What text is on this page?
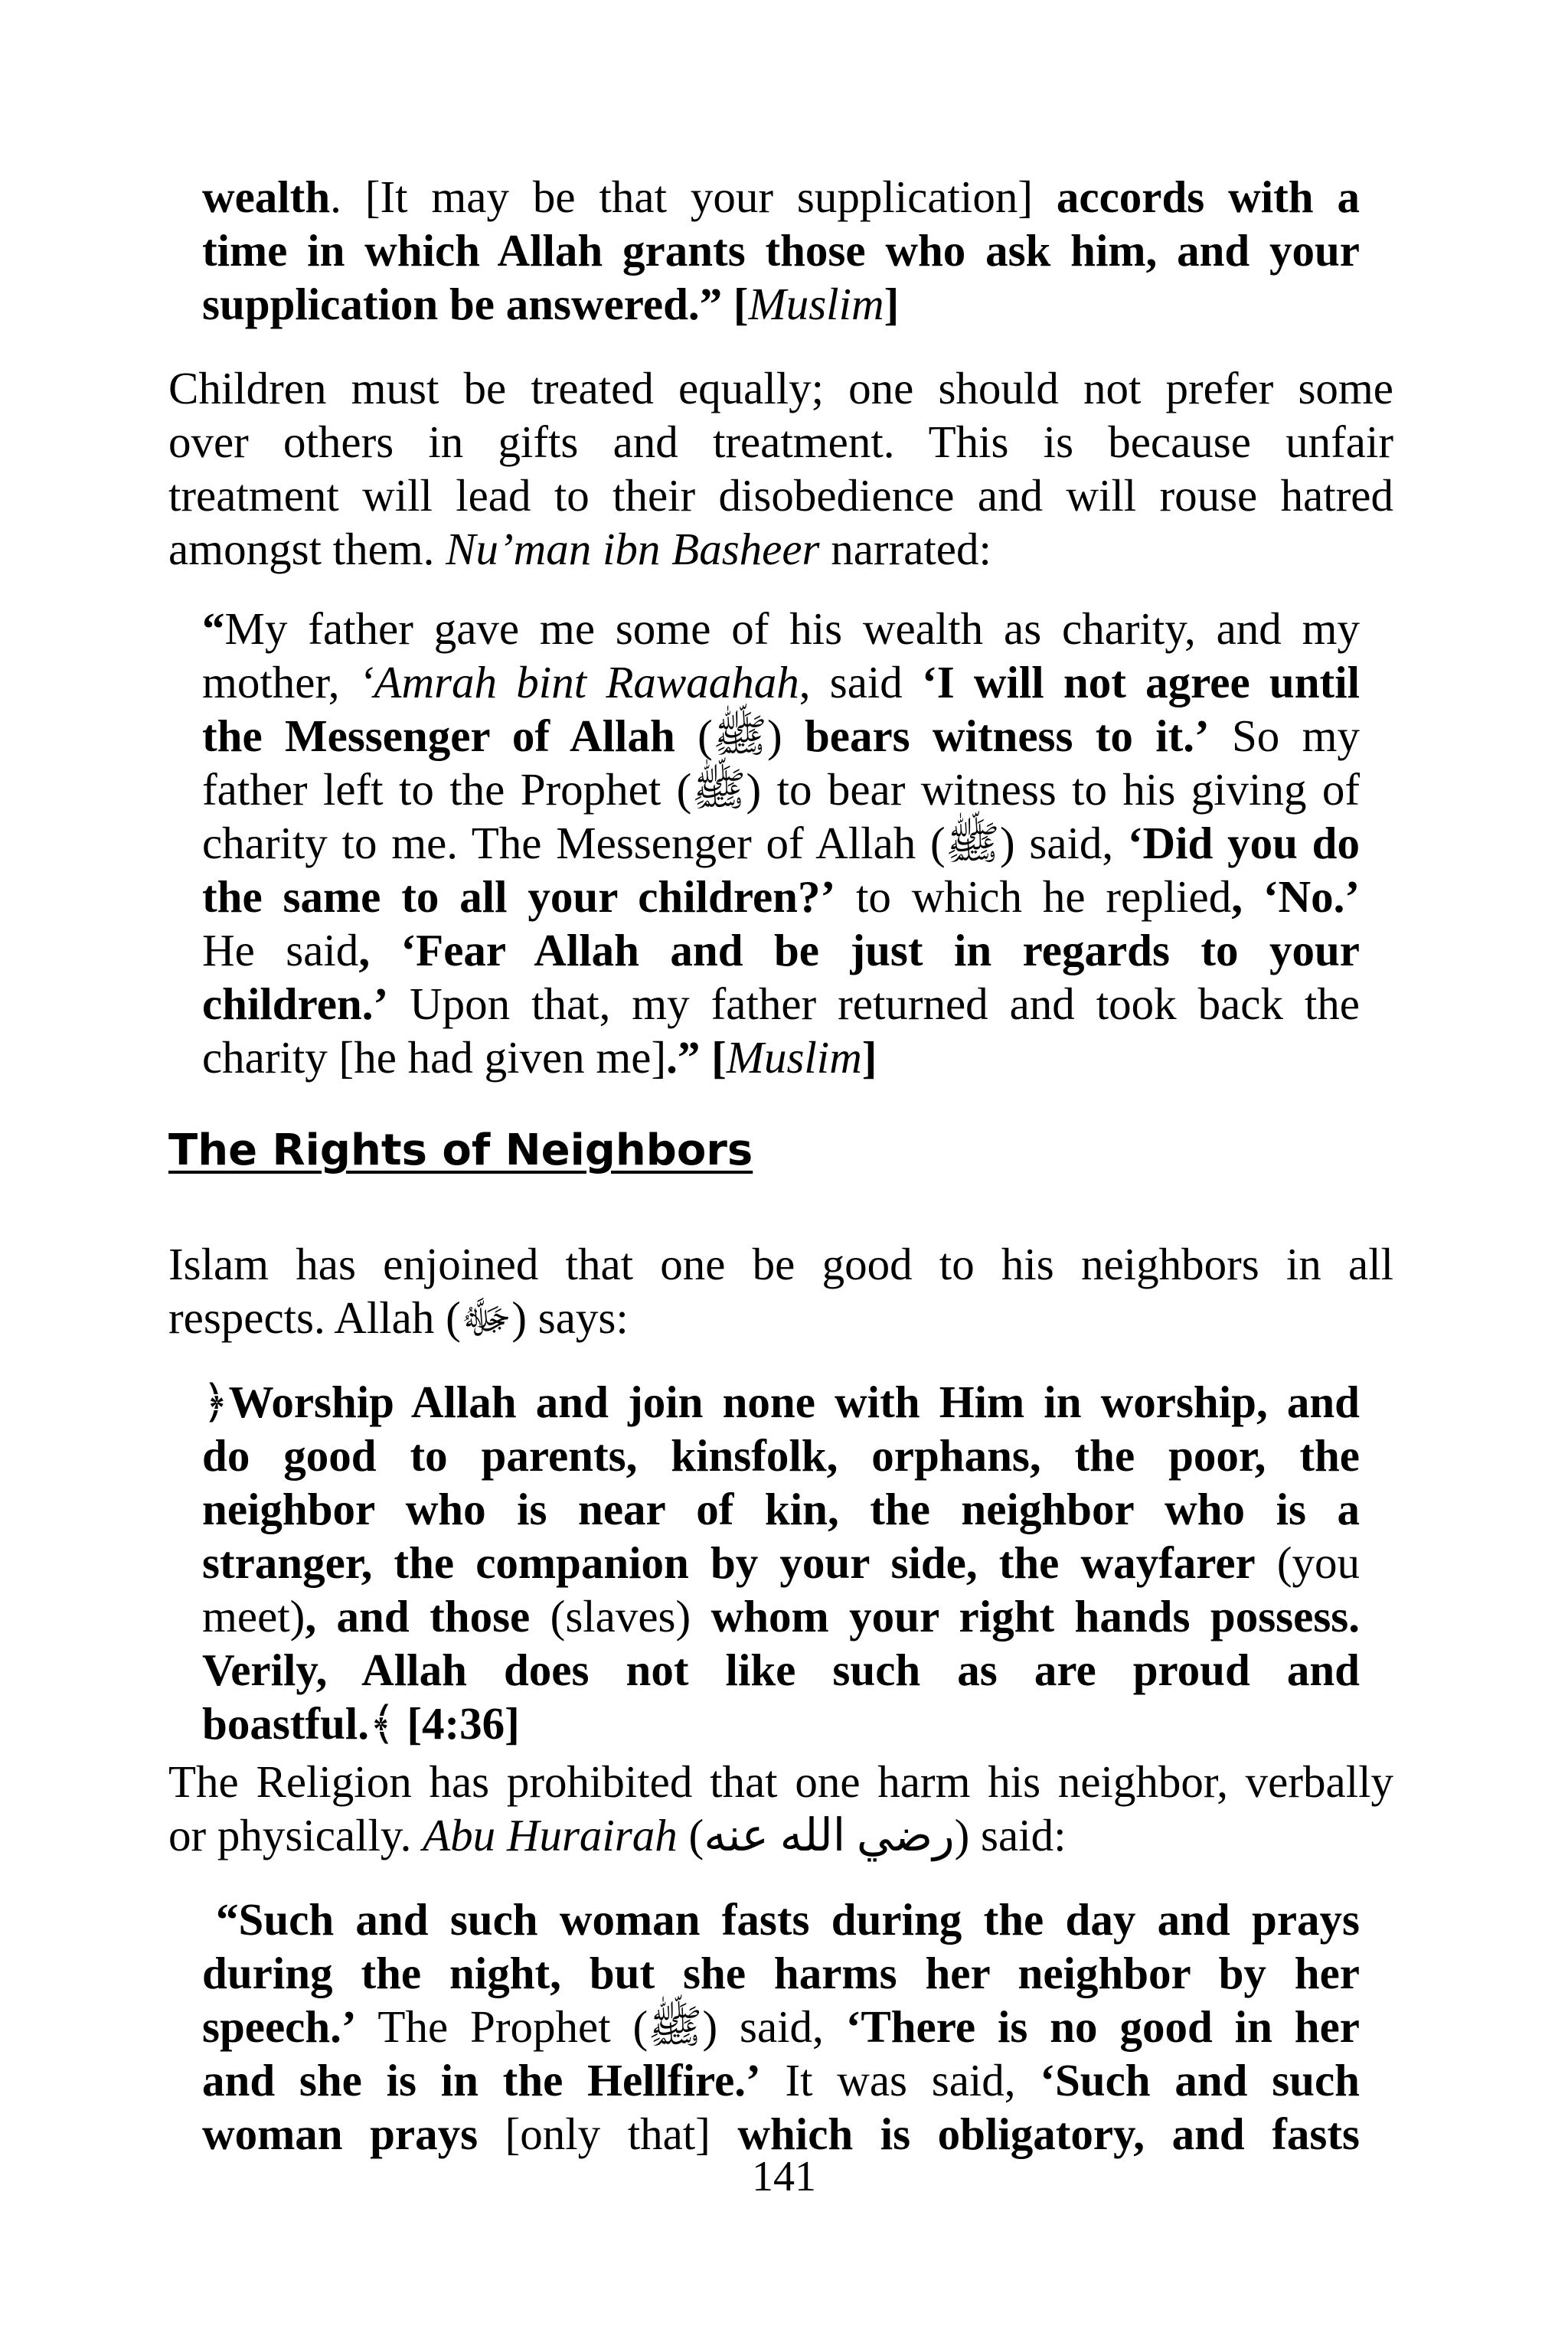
wealth. [It may be that your supplication] accords with a
time in which Allah grants those who ask him, and your
supplication be answered.” [Muslim]
Children must be treated equally; one should not prefer some
over others in gifts and treatment. This is because unfair
treatment will lead to their disobedience and will rouse hatred
amongst them. Nu’man ibn Basheer narrated:
“My father gave me some of his wealth as charity, and my
mother, ‘Amrah bint Rawaahah, said ‘I will not agree until
the Messenger of Allah (ﷺ) bears witness to it.’ So my
father left to the Prophet (ﷺ) to bear witness to his giving of
charity to me. The Messenger of Allah (ﷺ) said, ‘Did you do
the same to all your children?’ to which he replied, ‘No.’
He said, ‘Fear Allah and be just in regards to your
children.’ Upon that, my father returned and took back the
charity [he had given me].” [Muslim]
The Rights of Neighbors
Islam has enjoined that one be good to his neighbors in all
respects. Allah (ﷻ) says:
﴿Worship Allah and join none with Him in worship, and
do good to parents, kinsfolk, orphans, the poor, the
neighbor who is near of kin, the neighbor who is a
stranger, the companion by your side, the wayfarer (you
meet), and those (slaves) whom your right hands possess.
Verily, Allah does not like such as are proud and
boastful.﴾ [4:36]
The Religion has prohibited that one harm his neighbor, verbally
or physically. Abu Hurairah (رضي الله عنه) said:
“Such and such woman fasts during the day and prays
during the night, but she harms her neighbor by her
speech.’ The Prophet (ﷺ) said, ‘There is no good in her
and she is in the Hellfire.’ It was said, ‘Such and such
woman prays [only that] which is obligatory, and fasts
141
